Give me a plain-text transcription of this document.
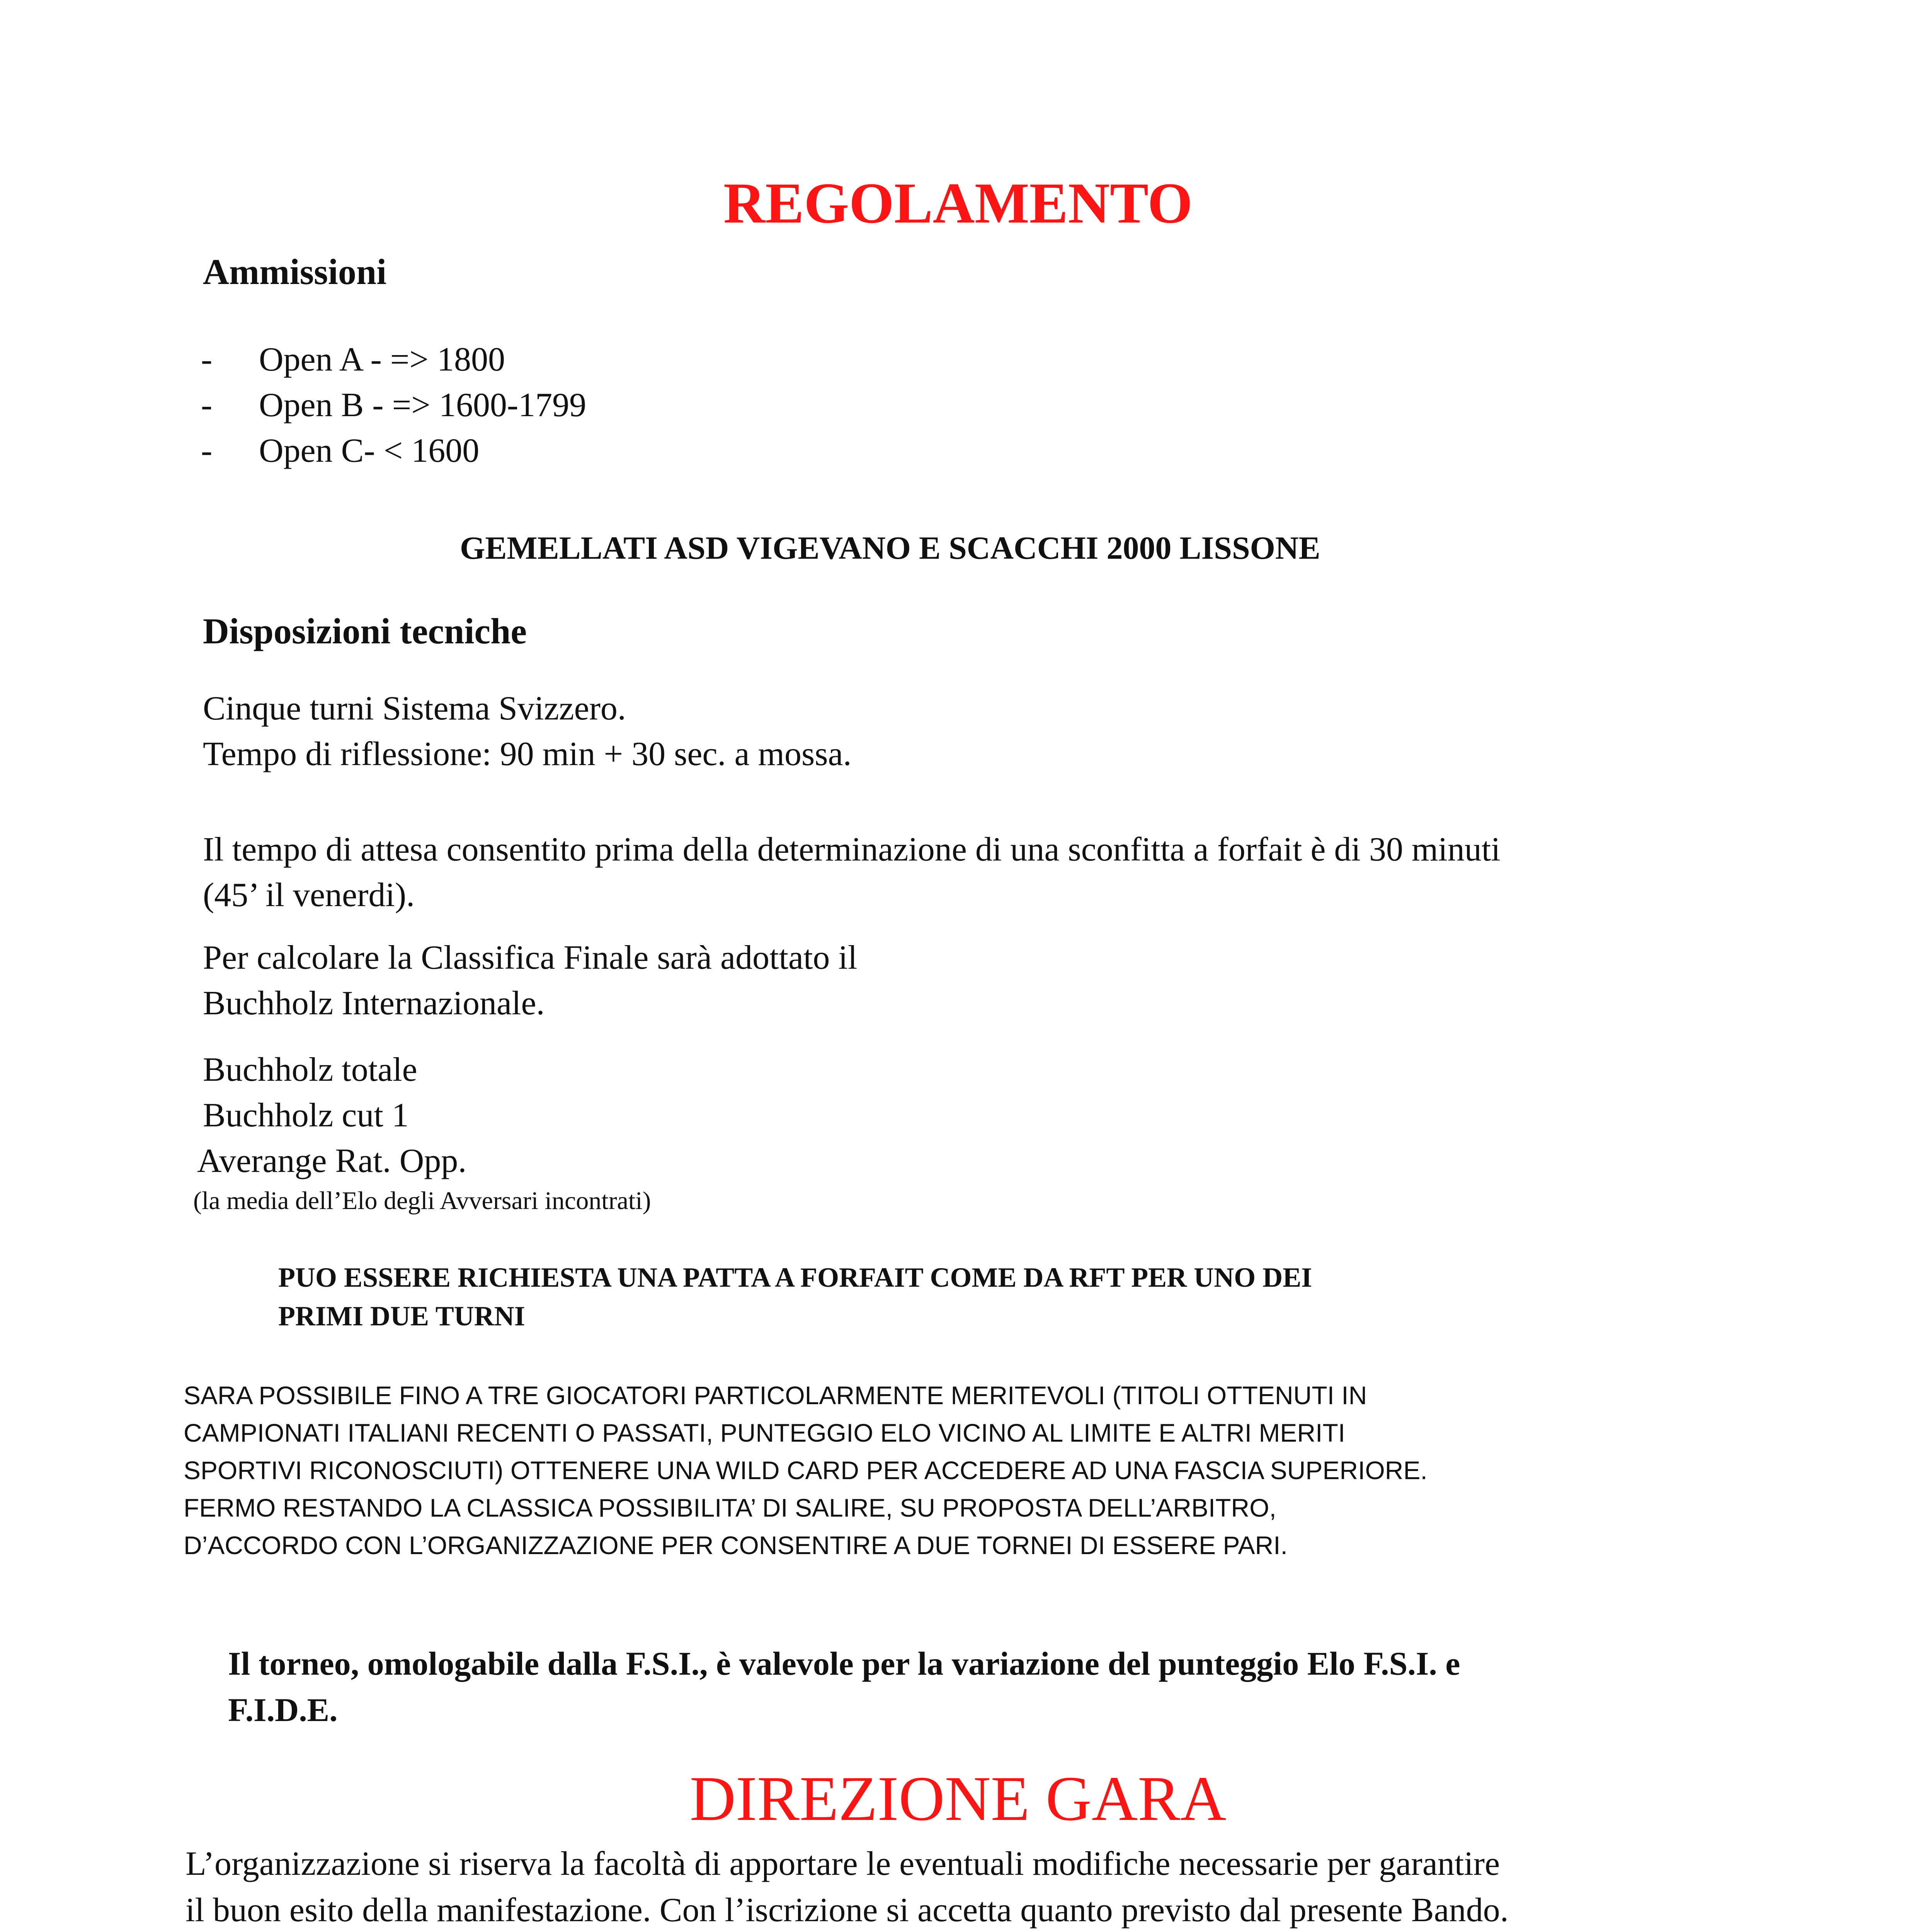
REGOLAMENTO
Ammissioni
- Open A - => 1800
- Open B - => 1600-1799
- Open C- < 1600
GEMELLATI ASD VIGEVANO E SCACCHI 2000 LISSONE
Disposizioni tecniche
Cinque turni Sistema Svizzero.
Tempo di riflessione: 90 min + 30 sec. a mossa.
Il tempo di attesa consentito prima della determinazione di una sconfitta a forfait è di 30 minuti
(45’ il venerdi).
Per calcolare la Classifica Finale sarà adottato il
Buchholz Internazionale.
Buchholz totale
Buchholz cut 1
Averange Rat. Opp.
(la media dell’Elo degli Avversari incontrati)
PUO ESSERE RICHIESTA UNA PATTA A FORFAIT COME DA RFT PER UNO DEI
PRIMI DUE TURNI
SARA POSSIBILE FINO A TRE GIOCATORI PARTICOLARMENTE MERITEVOLI (TITOLI OTTENUTI IN
CAMPIONATI ITALIANI RECENTI O PASSATI, PUNTEGGIO ELO VICINO AL LIMITE E ALTRI MERITI
SPORTIVI RICONOSCIUTI) OTTENERE UNA WILD CARD PER ACCEDERE AD UNA FASCIA SUPERIORE.
FERMO RESTANDO LA CLASSICA POSSIBILITA’ DI SALIRE, SU PROPOSTA DELL’ARBITRO,
D’ACCORDO CON L’ORGANIZZAZIONE PER CONSENTIRE A DUE TORNEI DI ESSERE PARI.
Il torneo, omologabile dalla F.S.I., è valevole per la variazione del punteggio Elo F.S.I. e
F.I.D.E.
DIREZIONE GARA
L’organizzazione si riserva la facoltà di apportare le eventuali modifiche necessarie per garantire
il buon esito della manifestazione. Con l’iscrizione si accetta quanto previsto dal presente Bando.
